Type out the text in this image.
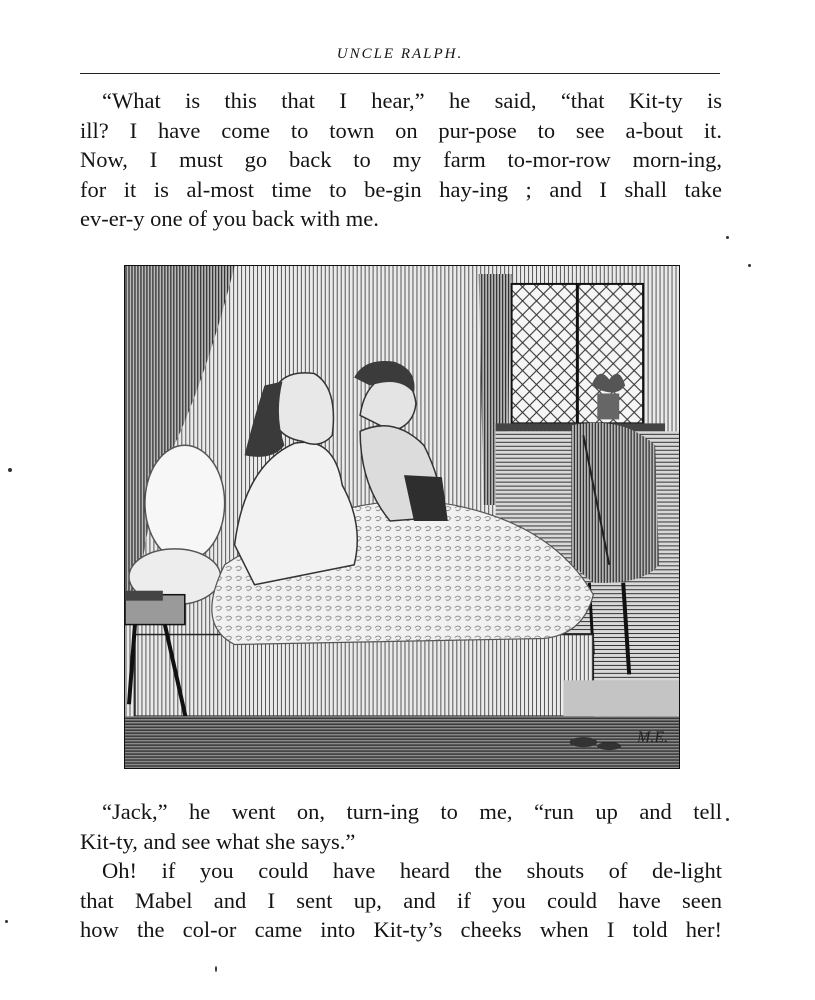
UNCLE RALPH.

“What is this that I hear,” he said, “that Kit-ty is
ill? I have come to town on pur-pose to see a-bout it.
Now, I must go back to my farm to-mor-row morn-ing,
for it is al-most time to be-gin hay-ing ; and I shall take
ev-er-y one of you back with me.

M.E.

“Jack,” he went on, turn-ing to me, “run up and tell
Kit-ty, and see what she says.”

Oh! if you could have heard the shouts of de-light
that Mabel and I sent up, and if you could have seen
how the col-or came into Kit-ty’s cheeks when I told her!
